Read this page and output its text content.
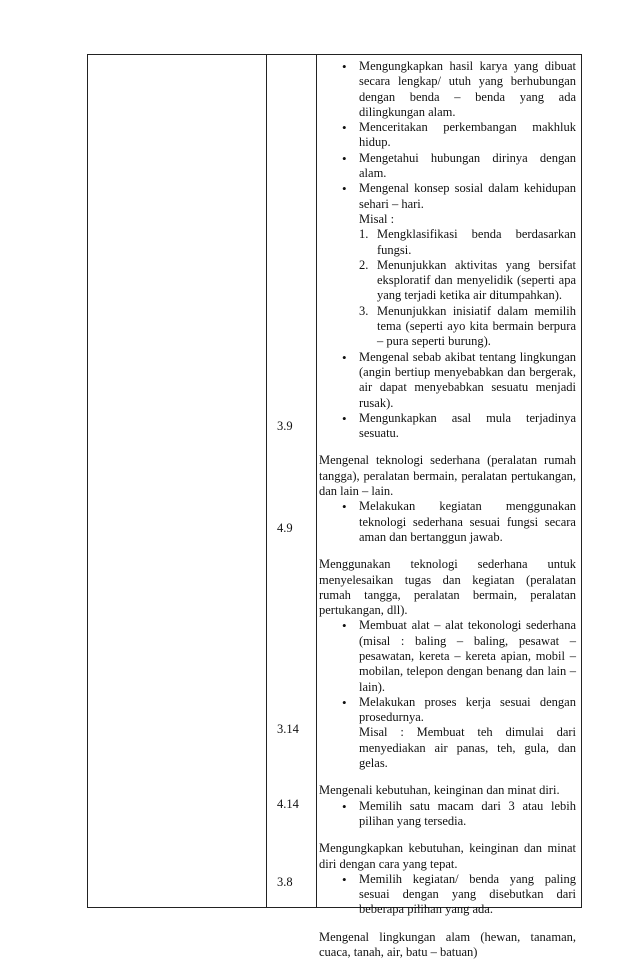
3.9
4.9
3.14
4.14
3.8
• Mengungkapkan hasil karya yang dibuat secara lengkap/ utuh yang berhubungan dengan benda – benda yang ada dilingkungan alam.
• Menceritakan perkembangan makhluk hidup.
• Mengetahui hubungan dirinya dengan alam.
• Mengenal konsep sosial dalam kehidupan sehari – hari.
Misal :
1. Mengklasifikasi benda berdasarkan fungsi.
2. Menunjukkan aktivitas yang bersifat eksploratif dan menyelidik (seperti apa yang terjadi ketika air ditumpahkan).
3. Menunjukkan inisiatif dalam memilih tema (seperti ayo kita bermain berpura – pura seperti burung).
• Mengenal sebab akibat tentang lingkungan (angin bertiup menyebabkan dan bergerak, air dapat menyebabkan sesuatu menjadi rusak).
• Mengunkapkan asal mula terjadinya sesuatu.

Mengenal teknologi sederhana (peralatan rumah tangga), peralatan bermain, peralatan pertukangan, dan lain – lain.

• Melakukan kegiatan menggunakan teknologi sederhana sesuai fungsi secara aman dan bertanggun jawab.

Menggunakan teknologi sederhana untuk menyelesaikan tugas dan kegiatan (peralatan rumah tangga, peralatan bermain, peralatan pertukangan, dll).

• Membuat alat – alat tekonologi sederhana (misal : baling – baling, pesawat – pesawatan, kereta – kereta apian, mobil – mobilan, telepon dengan benang dan lain – lain).
• Melakukan proses kerja sesuai dengan prosedurnya.
Misal : Membuat teh dimulai dari menyediakan air panas, teh, gula, dan gelas.

Mengenali kebutuhan, keinginan dan minat diri.

• Memilih satu macam dari 3 atau lebih pilihan yang tersedia.

Mengungkapkan kebutuhan, keinginan dan minat diri dengan cara yang tepat.

• Memilih kegiatan/ benda yang paling sesuai dengan yang disebutkan dari beberapa pilihan yang ada.

Mengenal lingkungan alam (hewan, tanaman, cuaca, tanah, air, batu – batuan)
